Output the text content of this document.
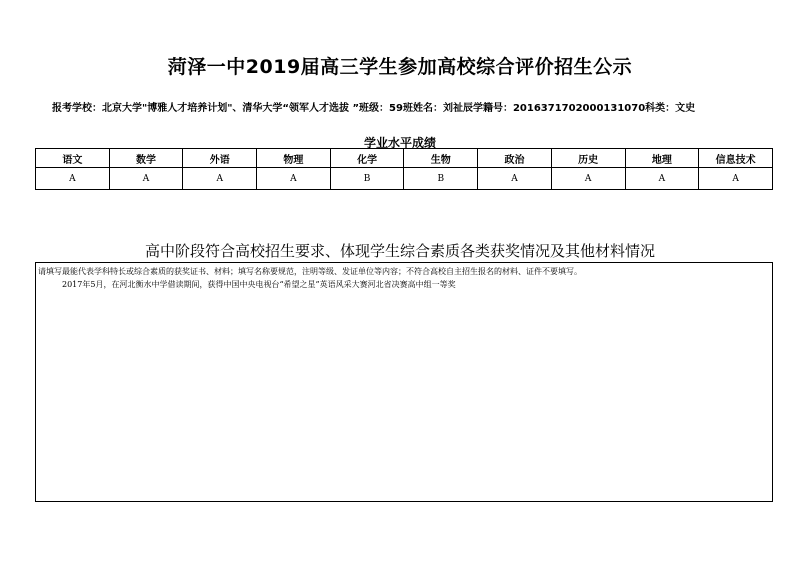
菏泽一中2019届高三学生参加高校综合评价招生公示

报考学校：北京大学"博雅人才培养计划"、清华大学“领军人才选拔 ”班级：59班姓名：刘祉辰学籍号：20163717020001310​70科类：文史

学业水平成绩

语文	数学	外语	物理	化学	生物	政治	历史	地理	信息技术
A	A	A	A	B	B	A	A	A	A

高中阶段符合高校招生要求、体现学生综合素质各类获奖情况及其他材料情况

请填写最能代表学科特长或综合素质的获奖证书、材料；填写名称要规范，注明等级、发证单位等内容；不符合高校自主招生报名的材料、证件不要填写。
2017年5月，在河北衡水中学借读期间，获得中国中央电视台“希望之星”英语风采大赛河北省决赛高中组一等奖
